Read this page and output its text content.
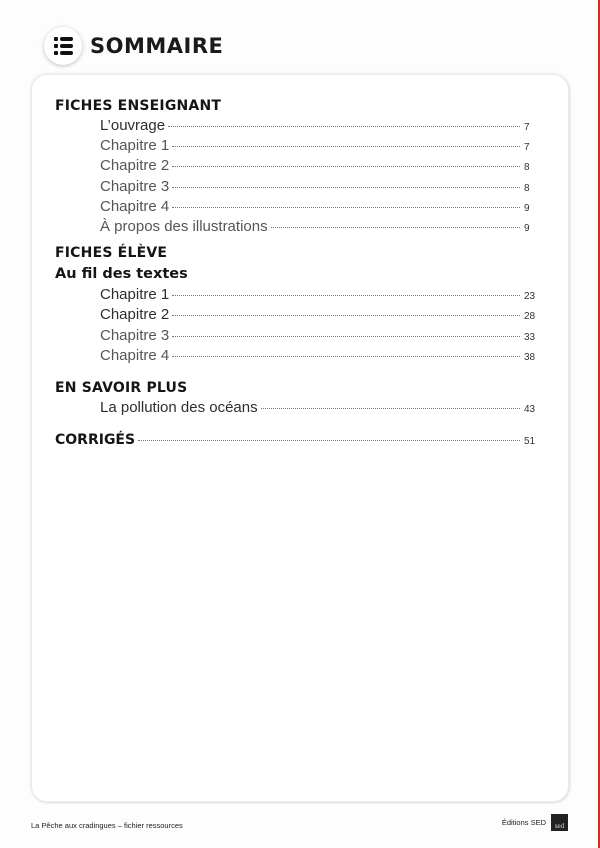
SOMMAIRE
FICHES ENSEIGNANT
L’ouvrage	7
Chapitre 1	7
Chapitre 2	8
Chapitre 3	8
Chapitre 4	9
À propos des illustrations	9
FICHES ÉLÈVE
Au fil des textes
Chapitre 1	23
Chapitre 2	28
Chapitre 3	33
Chapitre 4	38
EN SAVOIR PLUS
La pollution des océans	43
CORRIGÉS	51
La Pêche aux cradingues – fichier ressources	Éditions SED	sed
